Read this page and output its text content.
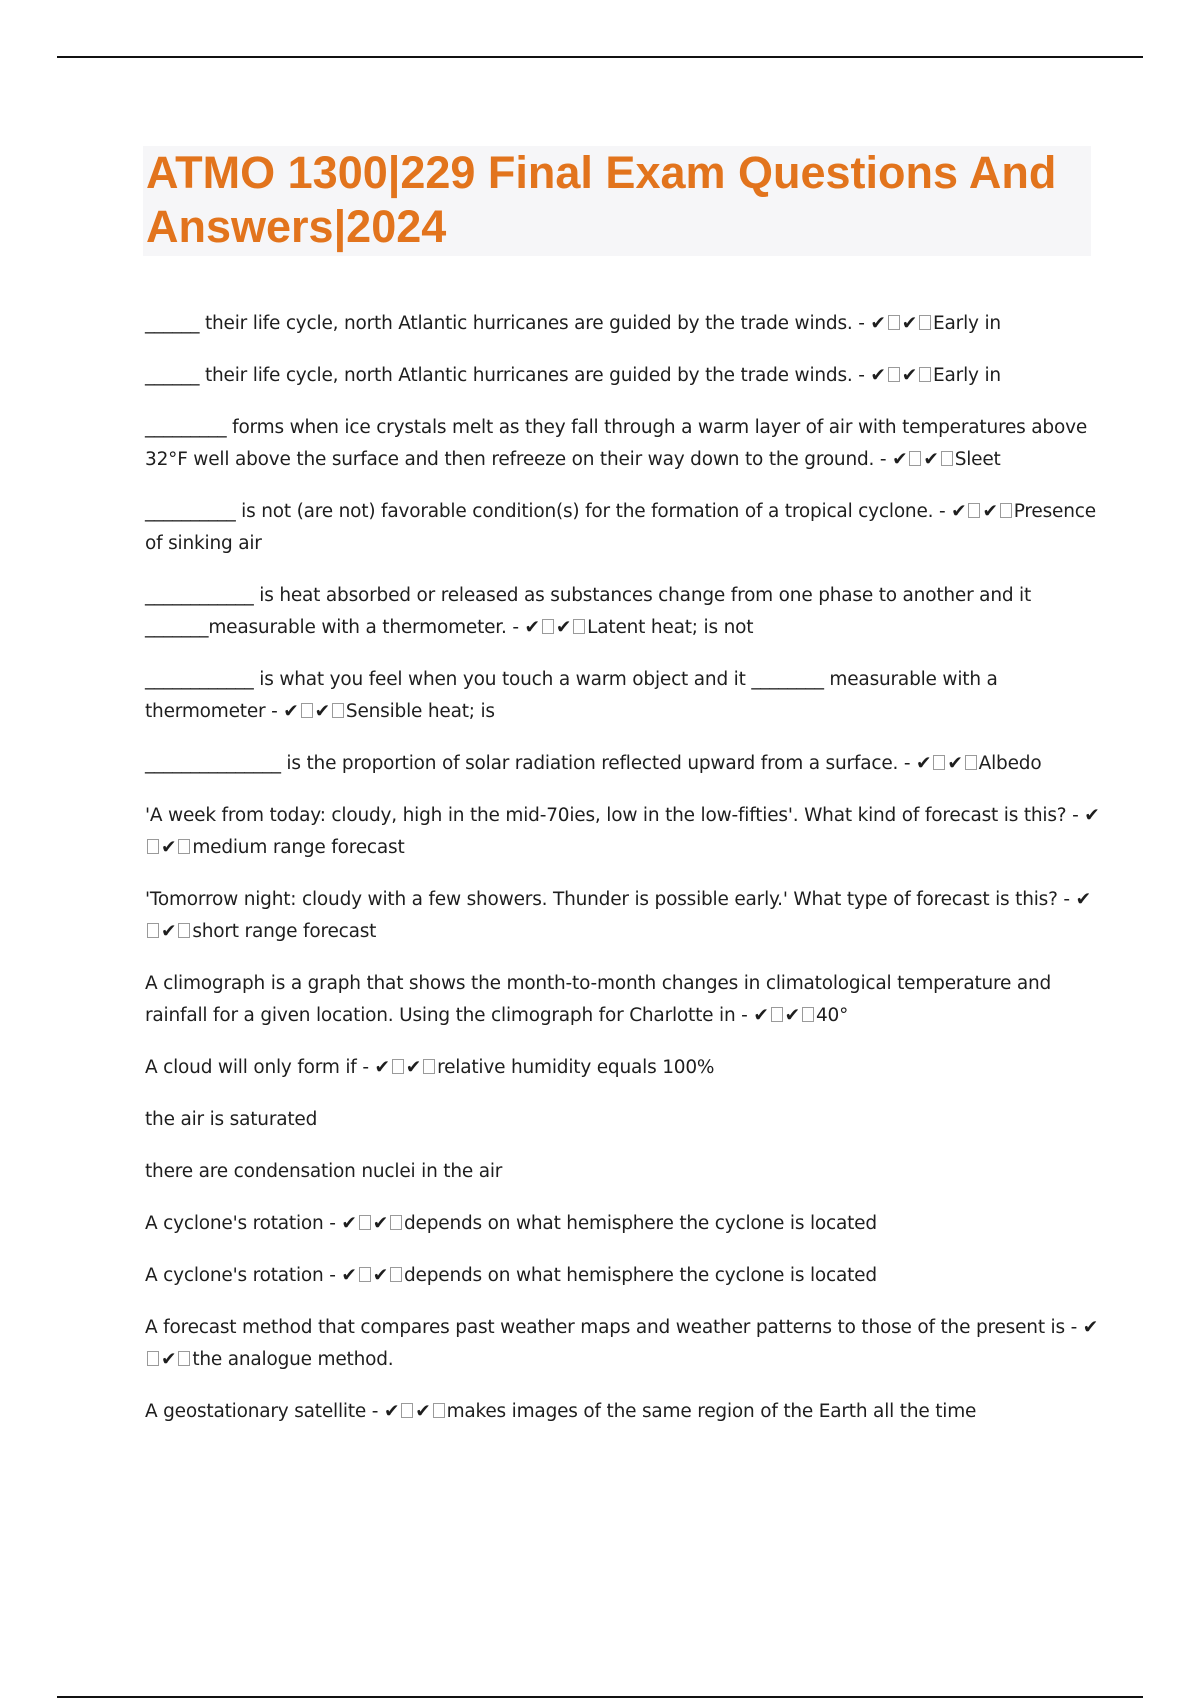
ATMO 1300|229 Final Exam Questions And Answers|2024

______ their life cycle, north Atlantic hurricanes are guided by the trade winds. - ✔ ✔ Early in

______ their life cycle, north Atlantic hurricanes are guided by the trade winds. - ✔ ✔ Early in

_________ forms when ice crystals melt as they fall through a warm layer of air with temperatures above 32°F well above the surface and then refreeze on their way down to the ground. - ✔ ✔ Sleet

__________ is not (are not) favorable condition(s) for the formation of a tropical cyclone. - ✔ ✔ Presence of sinking air

____________ is heat absorbed or released as substances change from one phase to another and it _______measurable with a thermometer. - ✔ ✔ Latent heat; is not

____________ is what you feel when you touch a warm object and it ________ measurable with a thermometer - ✔ ✔ Sensible heat; is

_______________ is the proportion of solar radiation reflected upward from a surface. - ✔ ✔ Albedo

'A week from today: cloudy, high in the mid-70ies, low in the low-fifties'. What kind of forecast is this? - ✔✔ medium range forecast

'Tomorrow night: cloudy with a few showers. Thunder is possible early.' What type of forecast is this? - ✔✔ short range forecast

A climograph is a graph that shows the month-to-month changes in climatological temperature and rainfall for a given location. Using the climograph for Charlotte in - ✔ ✔ 40°

A cloud will only form if - ✔ ✔ relative humidity equals 100%

the air is saturated

there are condensation nuclei in the air

A cyclone's rotation - ✔ ✔ depends on what hemisphere the cyclone is located

A cyclone's rotation - ✔ ✔ depends on what hemisphere the cyclone is located

A forecast method that compares past weather maps and weather patterns to those of the present is - ✔✔ the analogue method.

A geostationary satellite - ✔ ✔ makes images of the same region of the Earth all the time
